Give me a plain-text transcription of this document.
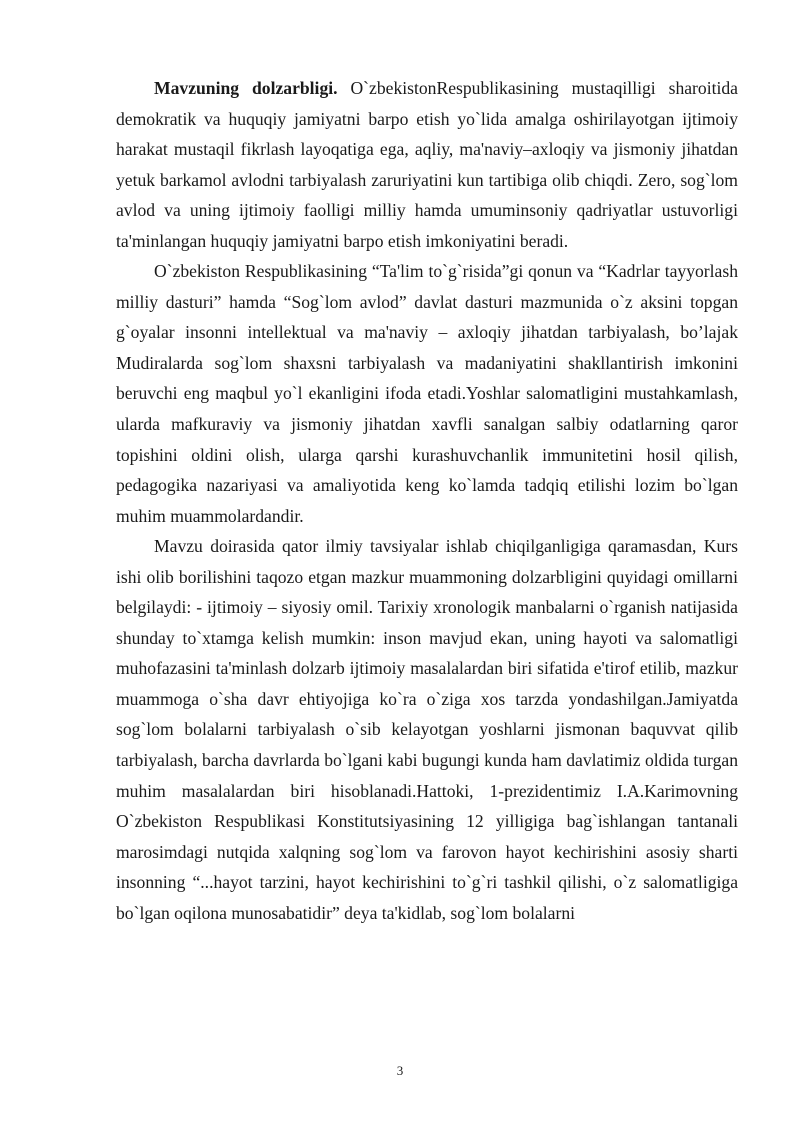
Mavzuning dolzarbligi. O`zbekistonRespublikasining mustaqilligi sharoitida demokratik va huquqiy jamiyatni barpo etish yo`lida amalga oshirilayotgan ijtimoiy harakat mustaqil fikrlash layoqatiga ega, aqliy, ma'naviy–axloqiy va jismoniy jihatdan yetuk barkamol avlodni tarbiyalash zaruriyatini kun tartibiga olib chiqdi. Zero, sog`lom avlod va uning ijtimoiy faolligi milliy hamda umuminsoniy qadriyatlar ustuvorligi ta'minlangan huquqiy jamiyatni barpo etish imkoniyatini beradi.

O`zbekiston Respublikasining “Ta'lim to`g`risida”gi qonun va “Kadrlar tayyorlash milliy dasturi” hamda “Sog`lom avlod” davlat dasturi mazmunida o`z aksini topgan g`oyalar insonni intellektual va ma'naviy – axloqiy jihatdan tarbiyalash, bo’lajak Mudiralarda sog`lom shaxsni tarbiyalash va madaniyatini shakllantirish imkonini beruvchi eng maqbul yo`l ekanligini ifoda etadi.Yoshlar salomatligini mustahkamlash, ularda mafkuraviy va jismoniy jihatdan xavfli sanalgan salbiy odatlarning qaror topishini oldini olish, ularga qarshi kurashuvchanlik immunitetini hosil qilish, pedagogika nazariyasi va amaliyotida keng ko`lamda tadqiq etilishi lozim bo`lgan muhim muammolardandir.

Mavzu doirasida qator ilmiy tavsiyalar ishlab chiqilganligiga qaramasdan, Kurs ishi olib borilishini taqozo etgan mazkur muammoning dolzarbligini quyidagi omillarni belgilaydi: - ijtimoiy – siyosiy omil. Tarixiy xronologik manbalarni o`rganish natijasida shunday to`xtamga kelish mumkin: inson mavjud ekan, uning hayoti va salomatligi muhofazasini ta'minlash dolzarb ijtimoiy masalalardan biri sifatida e'tirof etilib, mazkur muammoga o`sha davr ehtiyojiga ko`ra o`ziga xos tarzda yondashilgan.Jamiyatda sog`lom bolalarni tarbiyalash o`sib kelayotgan yoshlarni jismonan baquvvat qilib tarbiyalash, barcha davrlarda bo`lgani kabi bugungi kunda ham davlatimiz oldida turgan muhim masalalardan biri hisoblanadi.Hattoki, 1-prezidentimiz I.A.Karimovning O`zbekiston Respublikasi Konstitutsiyasining 12 yilligiga bag`ishlangan tantanali marosimdagi nutqida xalqning sog`lom va farovon hayot kechirishini asosiy sharti insonning “...hayot tarzini, hayot kechirishini to`g`ri tashkil qilishi, o`z salomatligiga bo`lgan oqilona munosabatidir” deya ta'kidlab, sog`lom bolalarni

3
